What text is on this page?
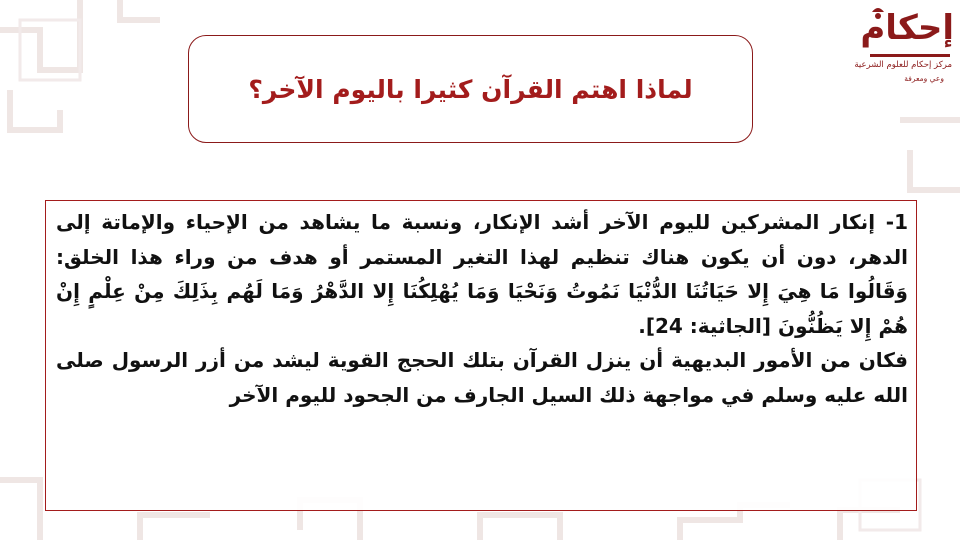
إحكام
مركز إحكام للعلوم الشرعية
وعي ومعرفة
لماذا اهتم القرآن كثيرا باليوم الآخر؟

1- إنكار المشركين لليوم الآخر أشد الإنكار، ونسبة ما يشاهد من الإحياء والإماتة إلى الدهر، دون أن يكون هناك تنظيم لهذا التغير المستمر أو هدف من وراء هذا الخلق: وَقَالُوا مَا هِيَ إِلا حَيَاتُنَا الدُّنْيَا نَمُوتُ وَنَحْيَا وَمَا يُهْلِكُنَا إِلا الدَّهْرُ وَمَا لَهُم بِذَلِكَ مِنْ عِلْمٍ إِنْ هُمْ إِلا يَظُنُّونَ [الجاثية: 24].
فكان من الأمور البديهية أن ينزل القرآن بتلك الحجج القوية ليشد من أزر الرسول صلى الله عليه وسلم في مواجهة ذلك السيل الجارف من الجحود لليوم الآخر
